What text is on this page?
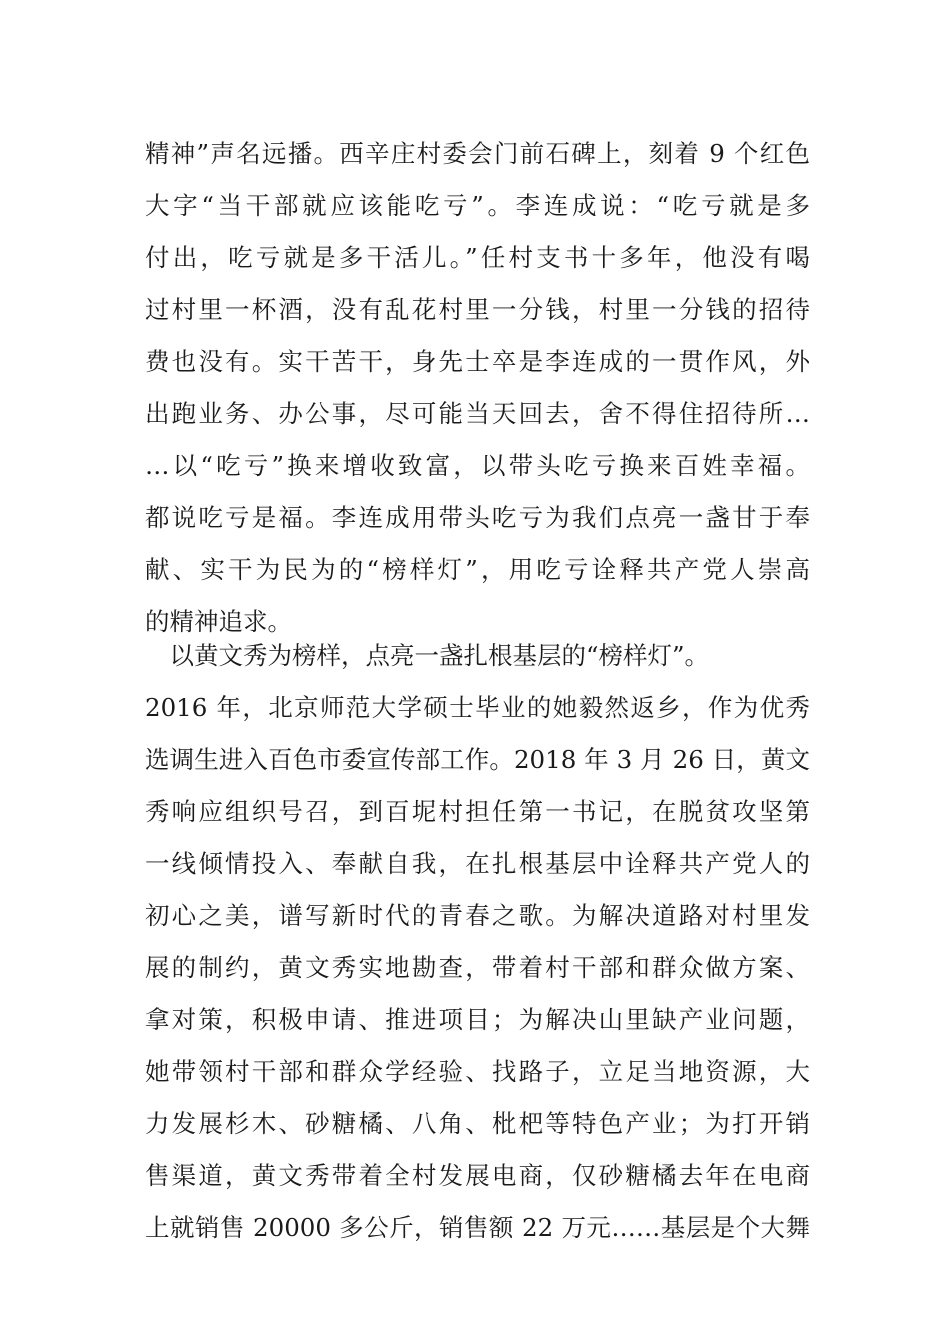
精神”声名远播。西辛庄村委会门前石碑上，刻着 9 个红色
大字“当干部就应该能吃亏”。李连成说：“吃亏就是多
付出，吃亏就是多干活儿。”任村支书十多年，他没有喝
过村里一杯酒，没有乱花村里一分钱，村里一分钱的招待
费也没有。实干苦干，身先士卒是李连成的一贯作风，外
出跑业务、办公事，尽可能当天回去，舍不得住招待所…
…以“吃亏”换来增收致富，以带头吃亏换来百姓幸福。
都说吃亏是福。李连成用带头吃亏为我们点亮一盏甘于奉
献、实干为民为的“榜样灯”，用吃亏诠释共产党人崇高
的精神追求。
　以黄文秀为榜样，点亮一盏扎根基层的“榜样灯”。
2016 年，北京师范大学硕士毕业的她毅然返乡，作为优秀
选调生进入百色市委宣传部工作。2018 年 3 月 26 日，黄文
秀响应组织号召，到百坭村担任第一书记，在脱贫攻坚第
一线倾情投入、奉献自我，在扎根基层中诠释共产党人的
初心之美，谱写新时代的青春之歌。为解决道路对村里发
展的制约，黄文秀实地勘查，带着村干部和群众做方案、
拿对策，积极申请、推进项目；为解决山里缺产业问题，
她带领村干部和群众学经验、找路子，立足当地资源，大
力发展杉木、砂糖橘、八角、枇杷等特色产业；为打开销
售渠道，黄文秀带着全村发展电商，仅砂糖橘去年在电商
上就销售 20000 多公斤，销售额 22 万元……基层是个大舞
